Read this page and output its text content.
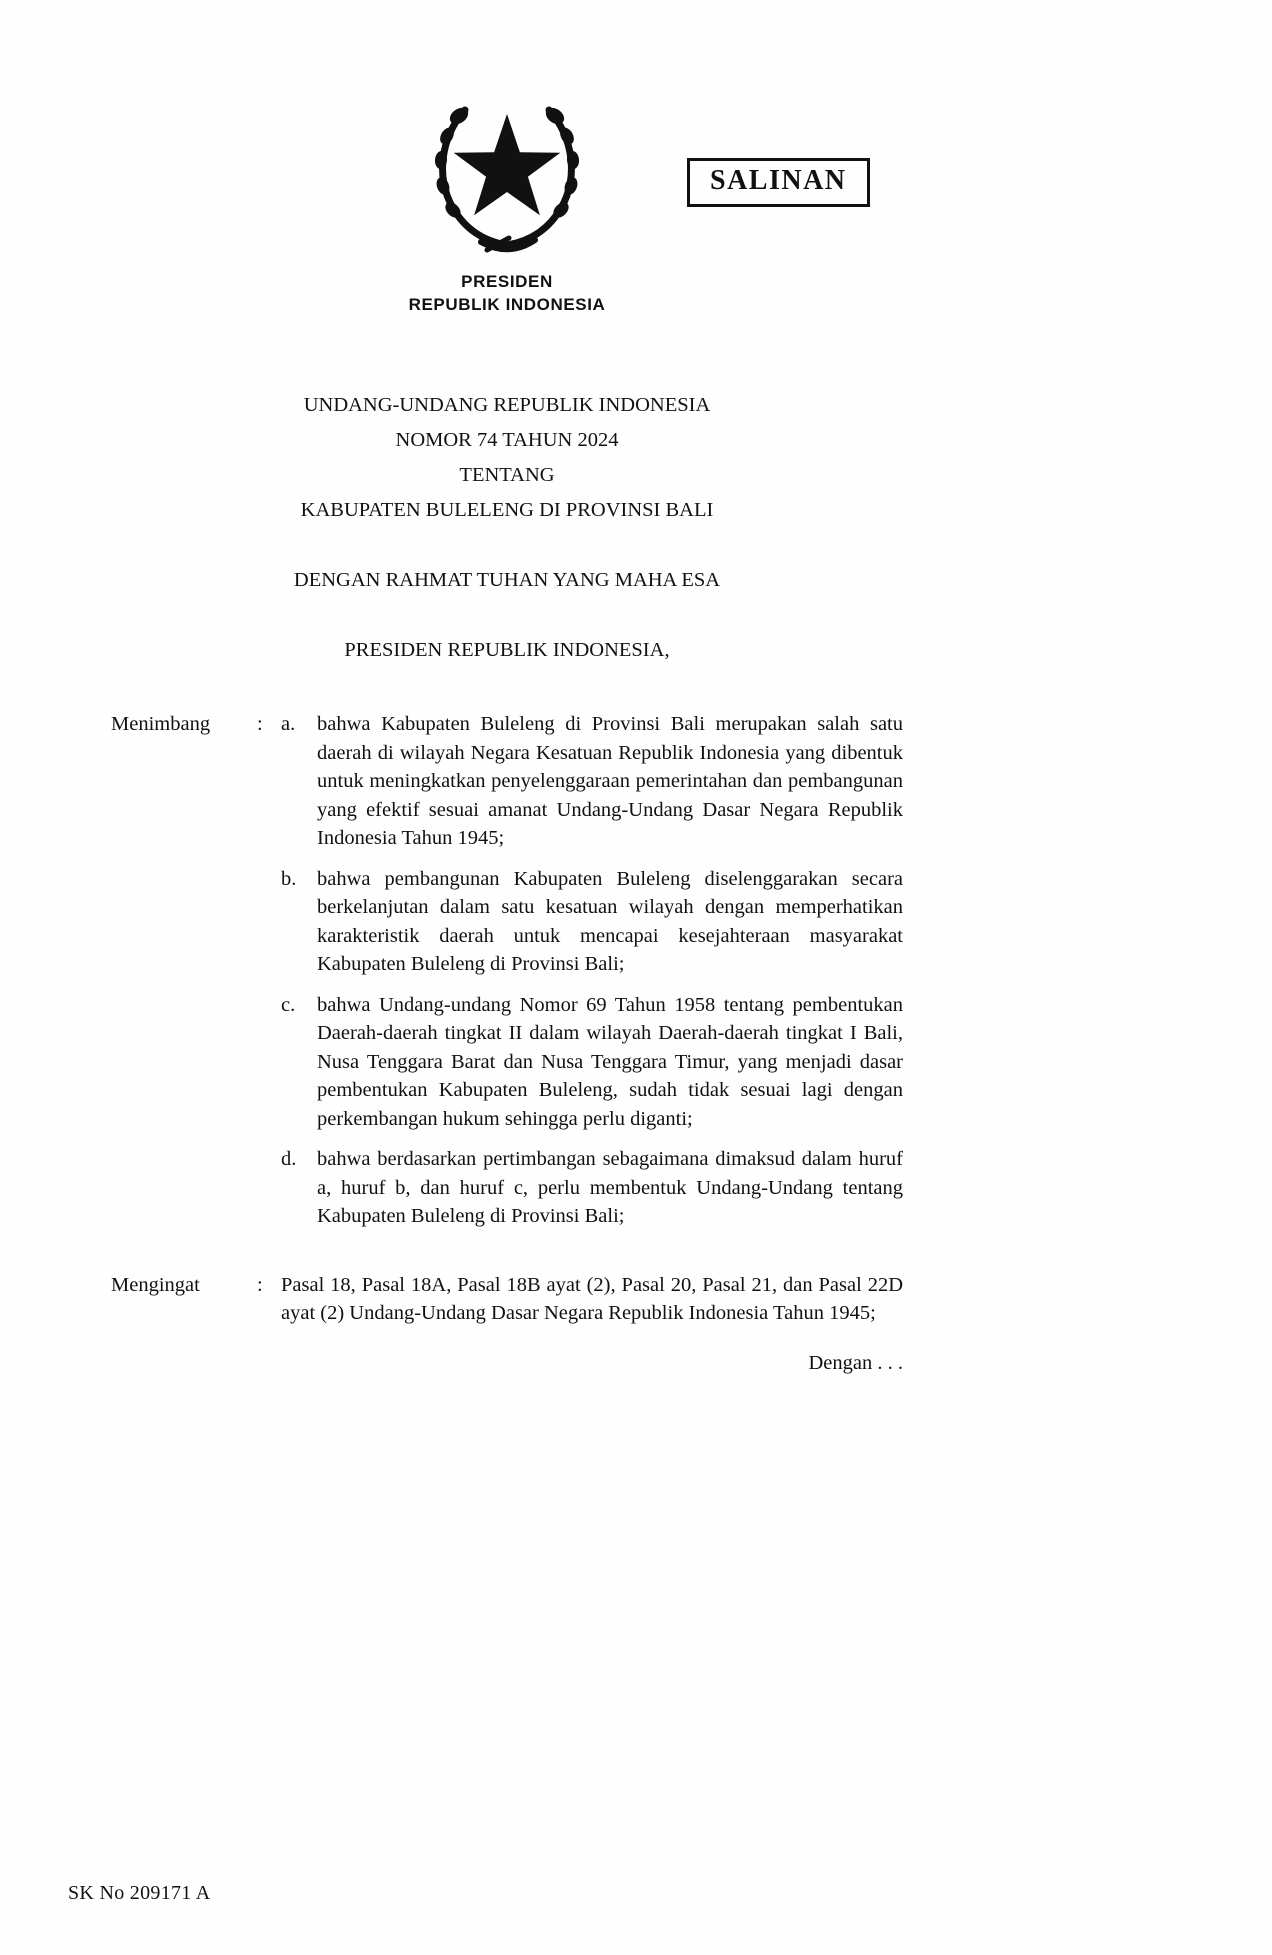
SALINAN
PRESIDEN
REPUBLIK INDONESIA
UNDANG-UNDANG REPUBLIK INDONESIA
NOMOR 74 TAHUN 2024
TENTANG
KABUPATEN BULELENG DI PROVINSI BALI
DENGAN RAHMAT TUHAN YANG MAHA ESA
PRESIDEN REPUBLIK INDONESIA,
Menimbang	: a.	bahwa Kabupaten Buleleng di Provinsi Bali merupakan salah satu daerah di wilayah Negara Kesatuan Republik Indonesia yang dibentuk untuk meningkatkan penyelenggaraan pemerintahan dan pembangunan yang efektif sesuai amanat Undang-Undang Dasar Negara Republik Indonesia Tahun 1945;
b.	bahwa pembangunan Kabupaten Buleleng diselenggarakan secara berkelanjutan dalam satu kesatuan wilayah dengan memperhatikan karakteristik daerah untuk mencapai kesejahteraan masyarakat Kabupaten Buleleng di Provinsi Bali;
c.	bahwa Undang-undang Nomor 69 Tahun 1958 tentang pembentukan Daerah-daerah tingkat II dalam wilayah Daerah-daerah tingkat I Bali, Nusa Tenggara Barat dan Nusa Tenggara Timur, yang menjadi dasar pembentukan Kabupaten Buleleng, sudah tidak sesuai lagi dengan perkembangan hukum sehingga perlu diganti;
d.	bahwa berdasarkan pertimbangan sebagaimana dimaksud dalam huruf a, huruf b, dan huruf c, perlu membentuk Undang-Undang tentang Kabupaten Buleleng di Provinsi Bali;
Mengingat	: Pasal 18, Pasal 18A, Pasal 18B ayat (2), Pasal 20, Pasal 21, dan Pasal 22D ayat (2) Undang-Undang Dasar Negara Republik Indonesia Tahun 1945;
Dengan . . .
SK No 209171 A
